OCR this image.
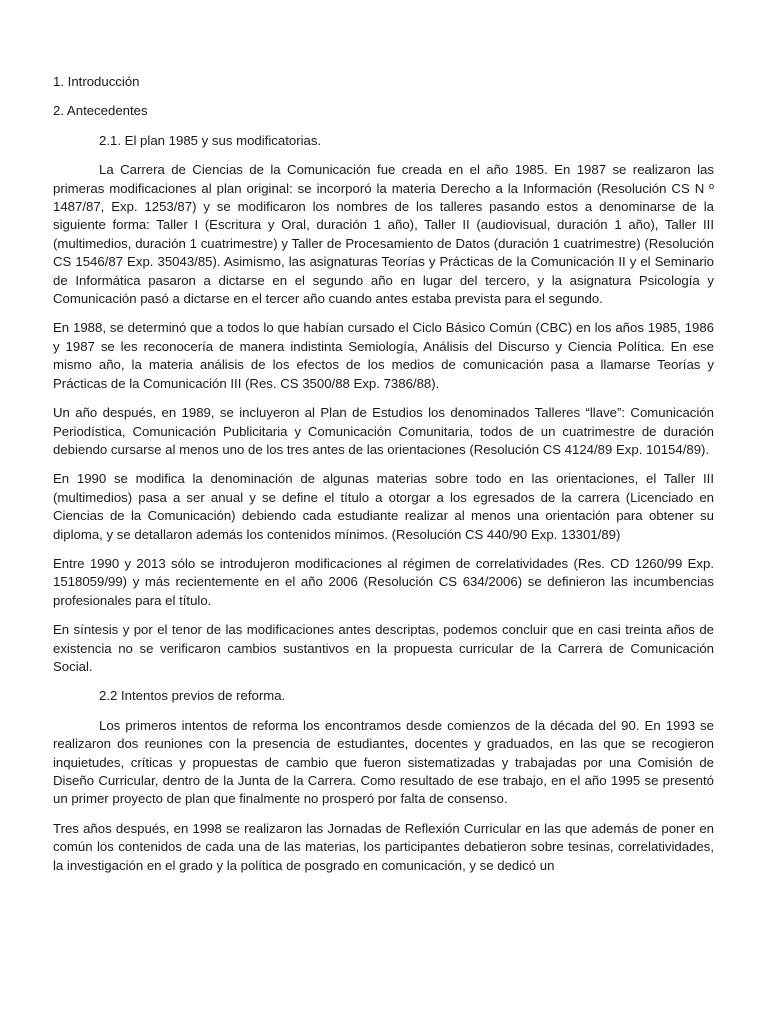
1. Introducción
2. Antecedentes
2.1. El plan 1985 y sus modificatorias.

La Carrera de Ciencias de la Comunicación fue creada en el año 1985. En 1987 se realizaron las primeras modificaciones al plan original: se incorporó la materia Derecho a la Información (Resolución CS N º 1487/87, Exp. 1253/87) y se modificaron los nombres de los talleres pasando estos a denominarse de la siguiente forma: Taller I (Escritura y Oral, duración 1 año), Taller II (audiovisual, duración 1 año), Taller III (multimedios, duración 1 cuatrimestre) y Taller de Procesamiento de Datos (duración 1 cuatrimestre) (Resolución CS 1546/87 Exp. 35043/85). Asimismo, las asignaturas Teorías y Prácticas de la Comunicación II y el Seminario de Informática pasaron a dictarse en el segundo año en lugar del tercero, y la asignatura Psicología y Comunicación pasó a dictarse en el tercer año cuando antes estaba prevista para el segundo.

En 1988, se determinó que a todos lo que habían cursado el Ciclo Básico Común (CBC) en los años 1985, 1986 y 1987 se les reconocería de manera indistinta Semiología, Análisis del Discurso y Ciencia Política. En ese mismo año, la materia análisis de los efectos de los medios de comunicación pasa a llamarse Teorías y Prácticas de la Comunicación III (Res. CS 3500/88 Exp. 7386/88).

Un año después, en 1989, se incluyeron al Plan de Estudios los denominados Talleres “llave”: Comunicación Periodística, Comunicación Publicitaria y Comunicación Comunitaria, todos de un cuatrimestre de duración debiendo cursarse al menos uno de los tres antes de las orientaciones (Resolución CS 4124/89 Exp. 10154/89).

En 1990 se modifica la denominación de algunas materias sobre todo en las orientaciones, el Taller III (multimedios) pasa a ser anual y se define el título a otorgar a los egresados de la carrera (Licenciado en Ciencias de la Comunicación) debiendo cada estudiante realizar al menos una orientación para obtener su diploma, y se detallaron además los contenidos mínimos. (Resolución CS 440/90 Exp. 13301/89)

Entre 1990 y 2013 sólo se introdujeron modificaciones al régimen de correlatividades (Res. CD 1260/99 Exp. 1518059/99) y más recientemente en el año 2006 (Resolución CS 634/2006) se definieron las incumbencias profesionales para el título.

En síntesis y por el tenor de las modificaciones antes descriptas, podemos concluir que en casi treinta años de existencia no se verificaron cambios sustantivos en la propuesta curricular de la Carrera de Comunicación Social.

2.2 Intentos previos de reforma.

Los primeros intentos de reforma los encontramos desde comienzos de la década del 90. En 1993 se realizaron dos reuniones con la presencia de estudiantes, docentes y graduados, en las que se recogieron inquietudes, críticas y propuestas de cambio que fueron sistematizadas y trabajadas por una Comisión de Diseño Curricular, dentro de la Junta de la Carrera. Como resultado de ese trabajo, en el año 1995 se presentó un primer proyecto de plan que finalmente no prosperó por falta de consenso.

Tres años después, en 1998 se realizaron las Jornadas de Reflexión Curricular en las que además de poner en común los contenidos de cada una de las materias, los participantes debatieron sobre tesinas, correlatividades, la investigación en el grado y la política de posgrado en comunicación, y se dedicó un
